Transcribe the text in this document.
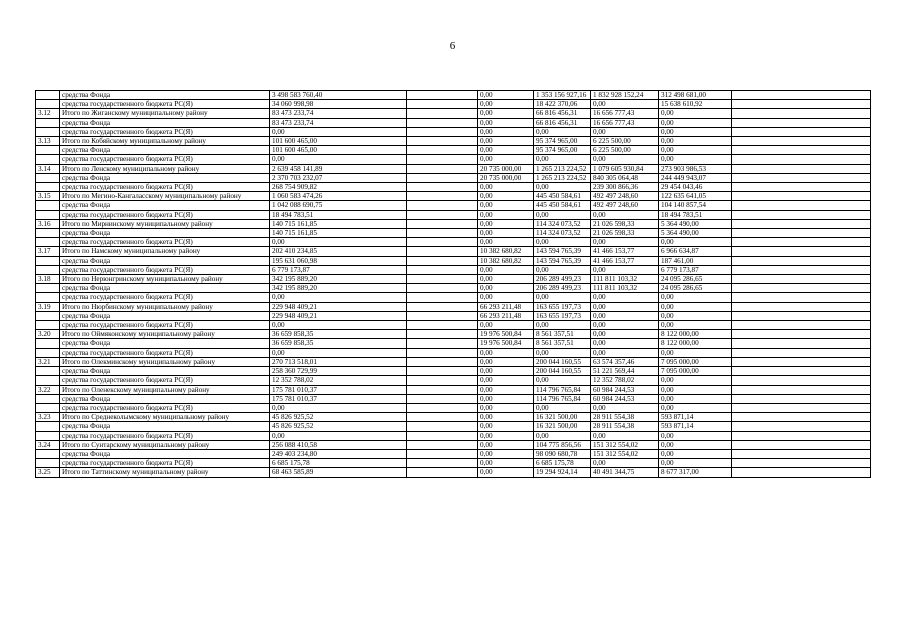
6
	средства Фонда	3 498 583 760,40		0,00	1 353 156 927,16	1 832 928 152,24	312 498 681,00	
	средства государственного бюджета РС(Я)	34 060 998,98		0,00	18 422 370,06	0,00	15 638 610,92	
3.12	Итого по Жиганскому муниципальному району	83 473 233,74		0,00	66 816 456,31	16 656 777,43	0,00	
	средства Фонда	83 473 233,74		0,00	66 816 456,31	16 656 777,43	0,00	
	средства государственного бюджета РС(Я)	0,00		0,00	0,00	0,00	0,00	
3.13	Итого по Кобяйскому муниципальному району	101 600 465,00		0,00	95 374 965,00	6 225 500,00	0,00	
	средства Фонда	101 600 465,00		0,00	95 374 965,00	6 225 500,00	0,00	
	средства государственного бюджета РС(Я)	0,00		0,00	0,00	0,00	0,00	
3.14	Итого по Ленскому муниципальному району	2 639 458 141,89		20 735 000,00	1 265 213 224,52	1 079 605 930,84	273 903 986,53	
	средства Фонда	2 370 703 232,07		20 735 000,00	1 265 213 224,52	840 305 064,48	244 449 943,07	
	средства государственного бюджета РС(Я)	268 754 909,82		0,00	0,00	239 300 866,36	29 454 043,46	
3.15	Итого по Мегино-Кангаласскому муниципальному району	1 060 583 474,26		0,00	445 450 584,61	492 497 248,60	122 635 641,05	
	средства Фонда	1 042 088 690,75		0,00	445 450 584,61	492 497 248,60	104 140 857,54	
	средства государственного бюджета РС(Я)	18 494 783,51		0,00	0,00	0,00	18 494 783,51	
3.16	Итого по Мирнинскому муниципальному району	140 715 161,85		0,00	114 324 073,52	21 026 598,33	5 364 490,00	
	средства Фонда	140 715 161,85		0,00	114 324 073,52	21 026 598,33	5 364 490,00	
	средства государственного бюджета РС(Я)	0,00		0,00	0,00	0,00	0,00	
3.17	Итого по Намскому муниципальному району	202 410 234,85		10 382 680,82	143 594 765,39	41 466 153,77	6 966 634,87	
	средства Фонда	195 631 060,98		10 382 680,82	143 594 765,39	41 466 153,77	187 461,00	
	средства государственного бюджета РС(Я)	6 779 173,87		0,00	0,00	0,00	6 779 173,87	
3.18	Итого по Нерюнгринскому муниципальному району	342 195 889,20		0,00	206 289 499,23	111 811 103,32	24 095 286,65	
	средства Фонда	342 195 889,20		0,00	206 289 499,23	111 811 103,32	24 095 286,65	
	средства государственного бюджета РС(Я)	0,00		0,00	0,00	0,00	0,00	
3.19	Итого по Нюрбинскому муниципальному району	229 948 409,21		66 293 211,48	163 655 197,73	0,00	0,00	
	средства Фонда	229 948 409,21		66 293 211,48	163 655 197,73	0,00	0,00	
	средства государственного бюджета РС(Я)	0,00		0,00	0,00	0,00	0,00	
3.20	Итого по Оймяконскому муниципальному району	36 659 858,35		19 976 500,84	8 561 357,51	0,00	8 122 000,00	
	средства Фонда	36 659 858,35		19 976 500,84	8 561 357,51	0,00	8 122 000,00	
	средства государственного бюджета РС(Я)	0,00		0,00	0,00	0,00	0,00	
3.21	Итого по Олекминскому муниципальному району	270 713 518,01		0,00	200 044 160,55	63 574 357,46	7 095 000,00	
	средства Фонда	258 360 729,99		0,00	200 044 160,55	51 221 569,44	7 095 000,00	
	средства государственного бюджета РС(Я)	12 352 788,02		0,00	0,00	12 352 788,02	0,00	
3.22	Итого по Оленекскому муниципальному району	175 781 010,37		0,00	114 796 765,84	60 984 244,53	0,00	
	средства Фонда	175 781 010,37		0,00	114 796 765,84	60 984 244,53	0,00	
	средства государственного бюджета РС(Я)	0,00		0,00	0,00	0,00	0,00	
3.23	Итого по Среднеколымскому муниципальному району	45 826 925,52		0,00	16 321 500,00	28 911 554,38	593 871,14	
	средства Фонда	45 826 925,52		0,00	16 321 500,00	28 911 554,38	593 871,14	
	средства государственного бюджета РС(Я)	0,00		0,00	0,00	0,00	0,00	
3.24	Итого по Сунтарскому муниципальному району	256 088 410,58		0,00	104 775 856,56	151 312 554,02	0,00	
	средства Фонда	249 403 234,80		0,00	98 090 680,78	151 312 554,02	0,00	
	средства государственного бюджета РС(Я)	6 685 175,78		0,00	6 685 175,78	0,00	0,00	
3.25	Итого по Таттинскому муниципальному району	68 463 585,89		0,00	19 294 924,14	40 491 344,75	8 677 317,00	
